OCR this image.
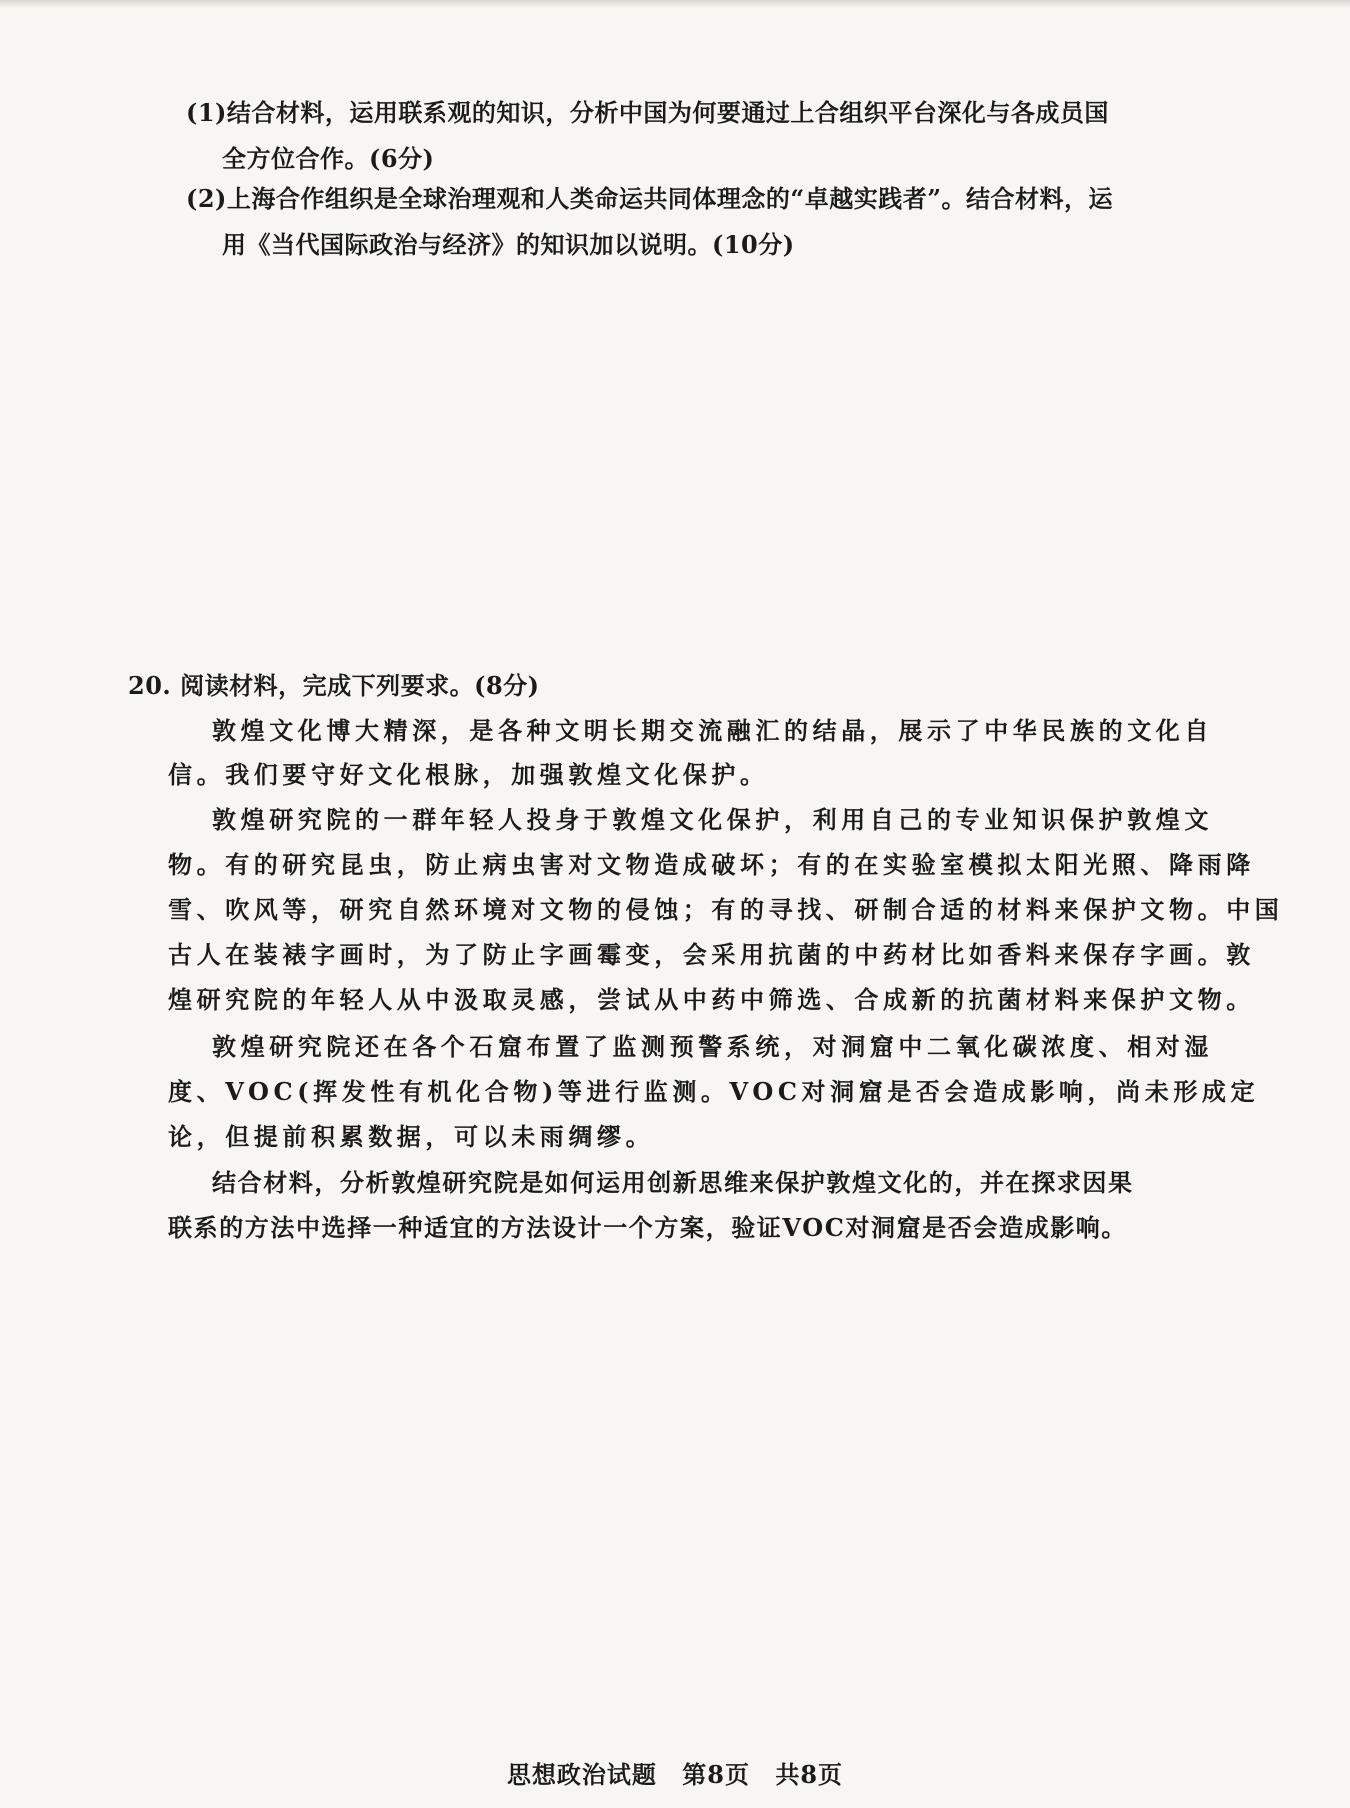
(1)结合材料，运用联系观的知识，分析中国为何要通过上合组织平台深化与各成员国
全方位合作。(6分)
(2)上海合作组织是全球治理观和人类命运共同体理念的“卓越实践者”。结合材料，运
用《当代国际政治与经济》的知识加以说明。(10分)
20. 阅读材料，完成下列要求。(8分)
敦煌文化博大精深，是各种文明长期交流融汇的结晶，展示了中华民族的文化自
信。我们要守好文化根脉，加强敦煌文化保护。
敦煌研究院的一群年轻人投身于敦煌文化保护，利用自己的专业知识保护敦煌文
物。有的研究昆虫，防止病虫害对文物造成破坏；有的在实验室模拟太阳光照、降雨降
雪、吹风等，研究自然环境对文物的侵蚀；有的寻找、研制合适的材料来保护文物。中国
古人在装裱字画时，为了防止字画霉变，会采用抗菌的中药材比如香料来保存字画。敦
煌研究院的年轻人从中汲取灵感，尝试从中药中筛选、合成新的抗菌材料来保护文物。
敦煌研究院还在各个石窟布置了监测预警系统，对洞窟中二氧化碳浓度、相对湿
度、VOC(挥发性有机化合物)等进行监测。VOC对洞窟是否会造成影响，尚未形成定
论，但提前积累数据，可以未雨绸缪。
结合材料，分析敦煌研究院是如何运用创新思维来保护敦煌文化的，并在探求因果
联系的方法中选择一种适宜的方法设计一个方案，验证VOC对洞窟是否会造成影响。
思想政治试题 第8页 共8页
